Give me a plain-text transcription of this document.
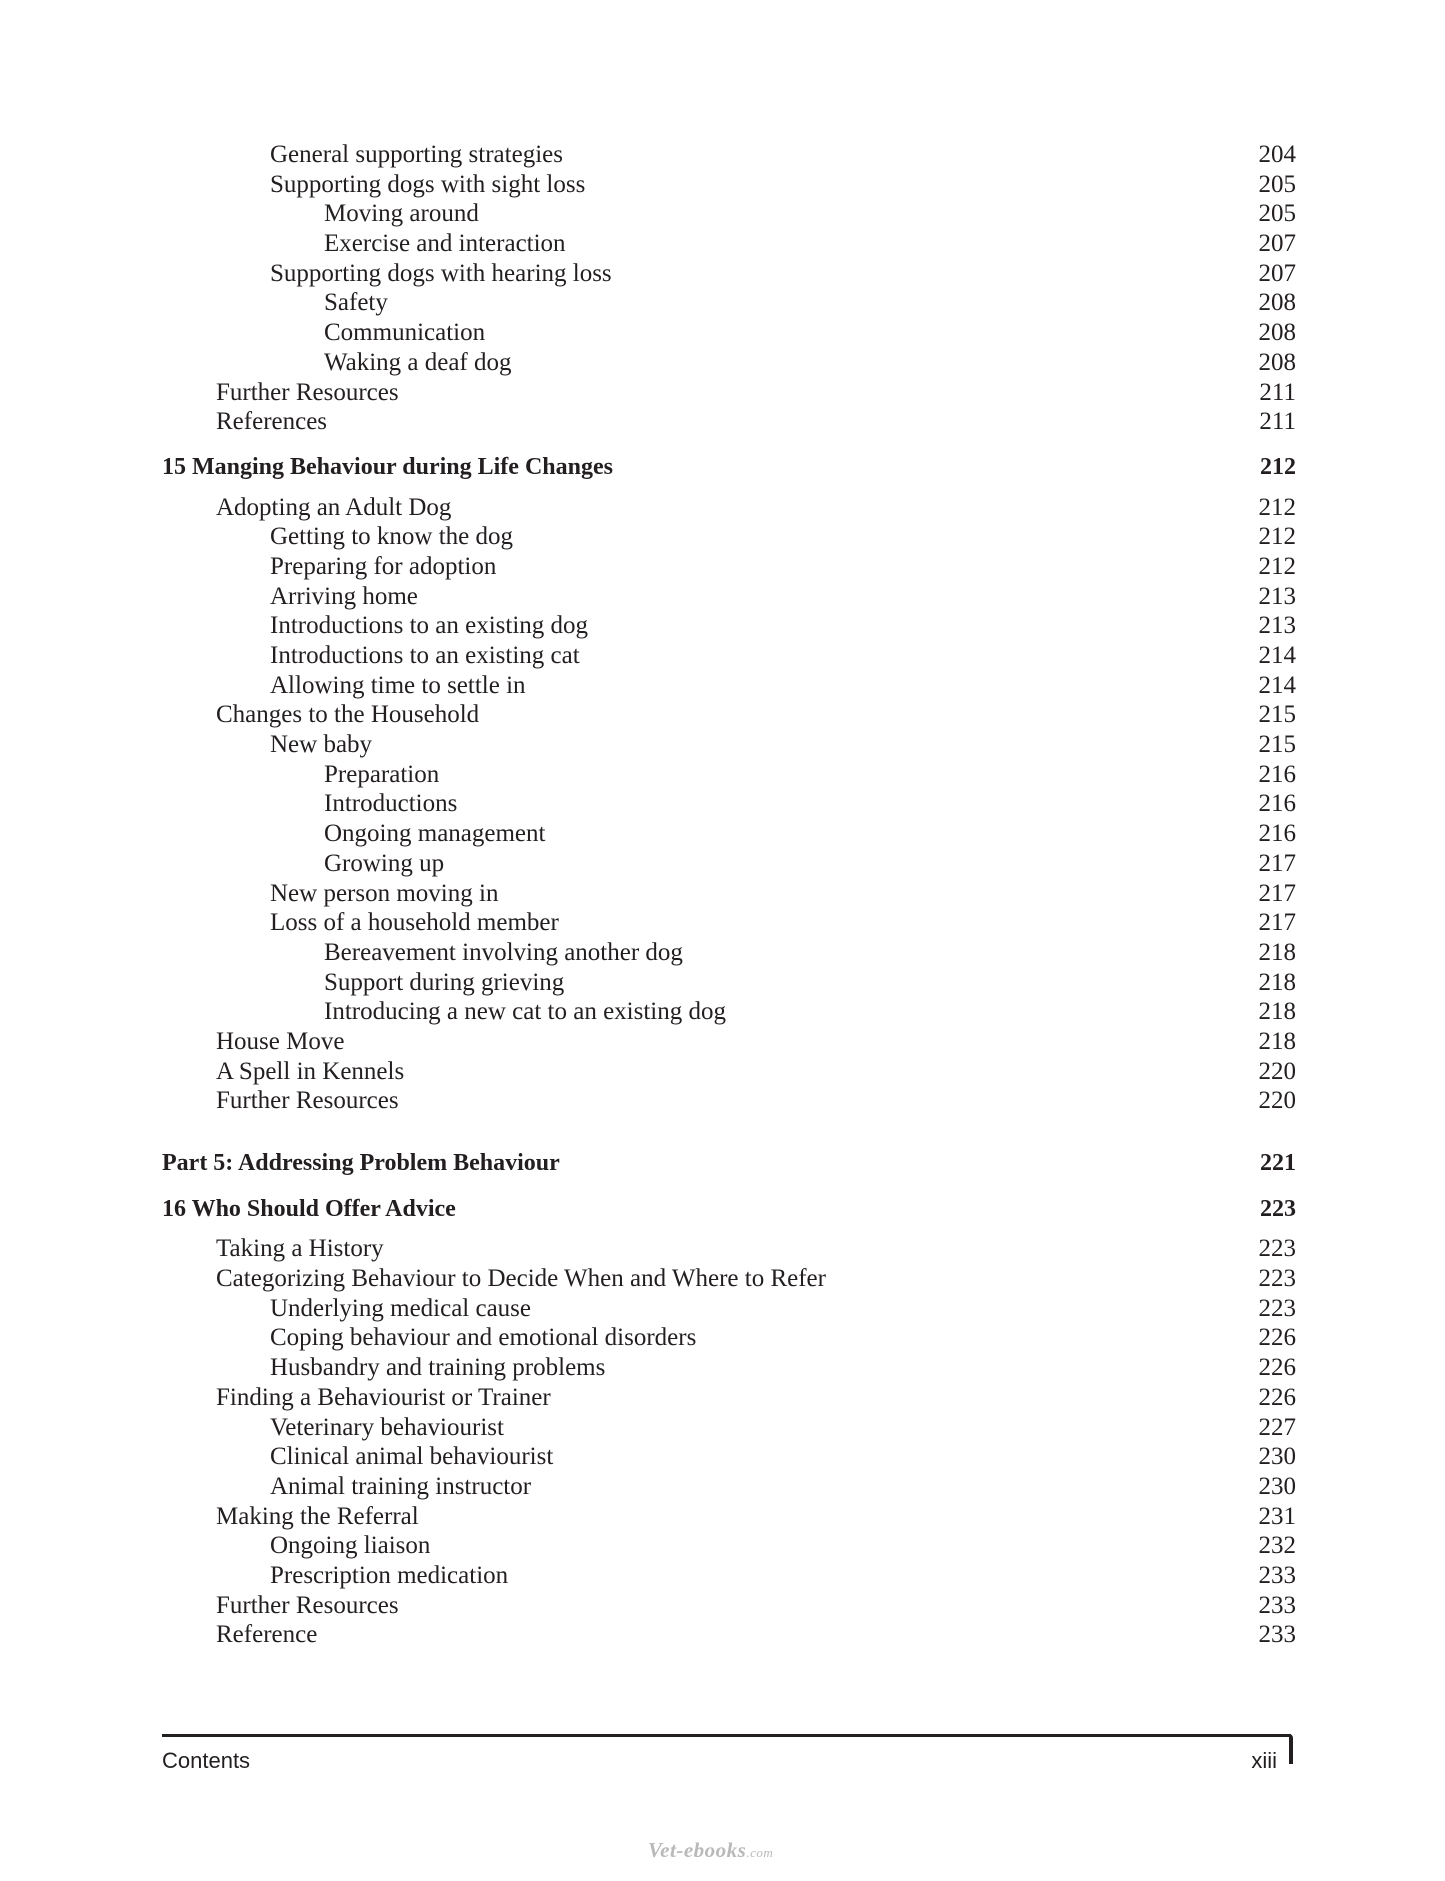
General supporting strategies	204
Supporting dogs with sight loss	205
Moving around	205
Exercise and interaction	207
Supporting dogs with hearing loss	207
Safety	208
Communication	208
Waking a deaf dog	208
Further Resources	211
References	211
15 Manging Behaviour during Life Changes	212
Adopting an Adult Dog	212
Getting to know the dog	212
Preparing for adoption	212
Arriving home	213
Introductions to an existing dog	213
Introductions to an existing cat	214
Allowing time to settle in	214
Changes to the Household	215
New baby	215
Preparation	216
Introductions	216
Ongoing management	216
Growing up	217
New person moving in	217
Loss of a household member	217
Bereavement involving another dog	218
Support during grieving	218
Introducing a new cat to an existing dog	218
House Move	218
A Spell in Kennels	220
Further Resources	220
Part 5: Addressing Problem Behaviour	221
16 Who Should Offer Advice	223
Taking a History	223
Categorizing Behaviour to Decide When and Where to Refer	223
Underlying medical cause	223
Coping behaviour and emotional disorders	226
Husbandry and training problems	226
Finding a Behaviourist or Trainer	226
Veterinary behaviourist	227
Clinical animal behaviourist	230
Animal training instructor	230
Making the Referral	231
Ongoing liaison	232
Prescription medication	233
Further Resources	233
Reference	233
Contents	xiii
Vet-ebooks.com
